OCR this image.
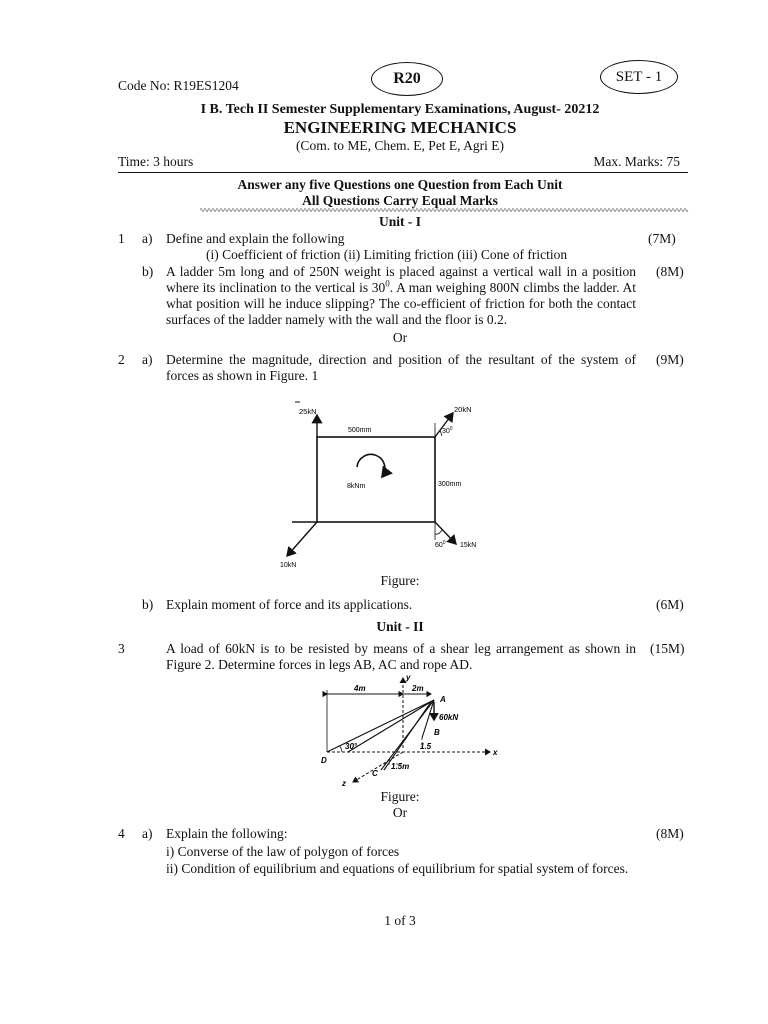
Code No: R19ES1204	R20	SET - 1
I B. Tech II Semester Supplementary Examinations, August- 20212
ENGINEERING MECHANICS
(Com. to ME, Chem. E, Pet E, Agri E)
Time: 3 hours	Max. Marks: 75
Answer any five Questions one Question from Each Unit
All Questions Carry Equal Marks
Unit - I
1 a) Define and explain the following	(7M)
(i) Coefficient of friction (ii) Limiting friction (iii) Cone of friction
b) A ladder 5m long and of 250N weight is placed against a vertical wall in a position where its inclination to the vertical is $30^0$. A man weighing 800N climbs the ladder. At what position will he induce slipping? The co-efficient of friction for both the contact surfaces of the ladder namely with the wall and the floor is 0.2.
(8M)
Or
2 a) Determine the magnitude, direction and position of the resultant of the system of forces as shown in Figure. 1
(9M)
25kN
500mm
20kN
$30^0$
8kNm	300mm
15kN
$60^0$
10kN
Figure:
b) Explain moment of force and its applications.	(6M)
Unit - II
3	A load of 60kN is to be resisted by means of a shear leg arrangement as shown in Figure 2. Determine forces in legs AB, AC and rope AD.
(15M)
y
4m	2m
A
60kN
B
x
30°	1.5
D
z
C
1.5m
Figure:
Or
4 a) Explain the following:	(8M)
i) Converse of the law of polygon of forces
ii) Condition of equilibrium and equations of equilibrium for spatial system of forces.
1 of 3
